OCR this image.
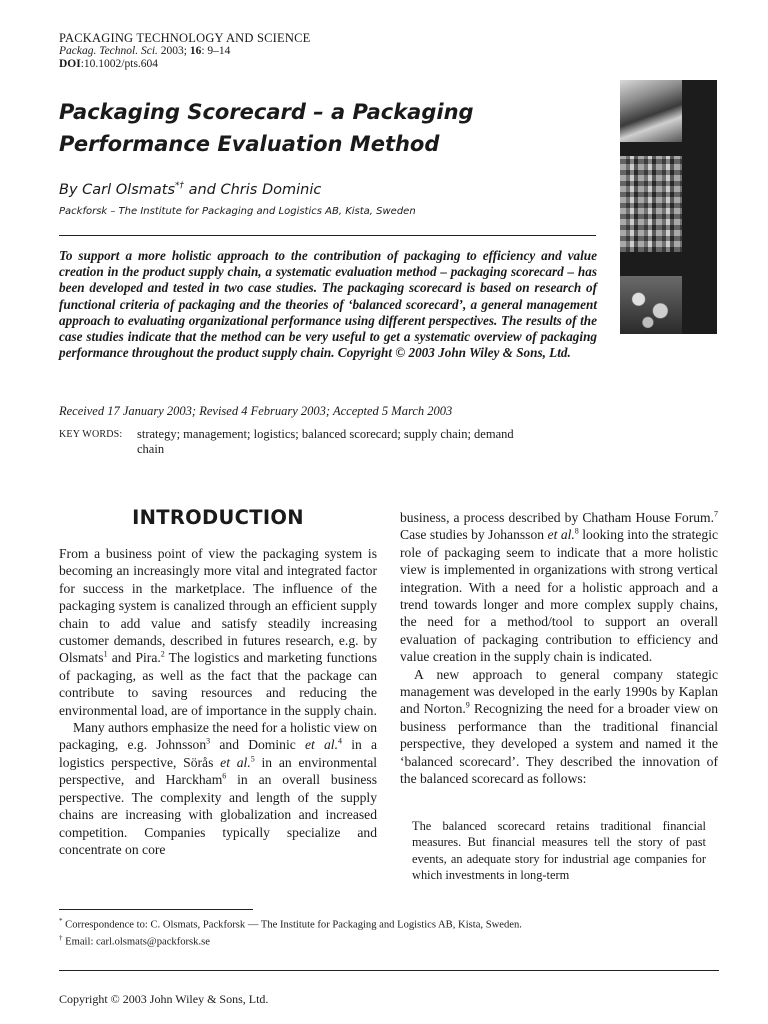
PACKAGING TECHNOLOGY AND SCIENCE
Packag. Technol. Sci. 2003; 16: 9–14
DOI:10.1002/pts.604
Packaging Scorecard – a Packaging Performance Evaluation Method
By Carl Olsmats*† and Chris Dominic
Packforsk – The Institute for Packaging and Logistics AB, Kista, Sweden
To support a more holistic approach to the contribution of packaging to efficiency and value creation in the product supply chain, a systematic evaluation method – packaging scorecard – has been developed and tested in two case studies. The packaging scorecard is based on research of functional criteria of packaging and the theories of ‘balanced scorecard’, a general management approach to evaluating organizational performance using different perspectives. The results of the case studies indicate that the method can be very useful to get a systematic overview of packaging performance throughout the product supply chain. Copyright © 2003 John Wiley & Sons, Ltd.
Received 17 January 2003; Revised 4 February 2003; Accepted 5 March 2003
KEY WORDS: strategy; management; logistics; balanced scorecard; supply chain; demand chain
INTRODUCTION

From a business point of view the packaging system is becoming an increasingly more vital and integrated factor for success in the marketplace. The influence of the packaging system is canalized through an efficient supply chain to add value and satisfy steadily increasing customer demands, described in futures research, e.g. by Olsmats$^1$ and Pira.$^2$ The logistics and marketing functions of packaging, as well as the fact that the package can contribute to saving resources and reducing the environmental load, are of importance in the supply chain.

Many authors emphasize the need for a holistic view on packaging, e.g. Johnsson$^3$ and Dominic et al.$^4$ in a logistics perspective, Sörås et al.$^5$ in an environmental perspective, and Harckham$^6$ in an overall business perspective. The complexity and length of the supply chains are increasing with globalization and increased competition. Companies typically specialize and concentrate on core

business, a process described by Chatham House Forum.$^7$ Case studies by Johansson et al.$^8$ looking into the strategic role of packaging seem to indicate that a more holistic view is implemented in organizations with strong vertical integration. With a need for a holistic approach and a trend towards longer and more complex supply chains, the need for a method/tool to support an overall evaluation of packaging contribution to efficiency and value creation in the supply chain is indicated.

A new approach to general company stategic management was developed in the early 1990s by Kaplan and Norton.$^9$ Recognizing the need for a broader view on business performance than the traditional financial perspective, they developed a system and named it the ‘balanced scorecard’. They described the innovation of the balanced scorecard as follows:

The balanced scorecard retains traditional financial measures. But financial measures tell the story of past events, an adequate story for industrial age companies for which investments in long-term
* Correspondence to: C. Olsmats, Packforsk — The Institute for Packaging and Logistics AB, Kista, Sweden.
† Email: carl.olsmats@packforsk.se
Copyright © 2003 John Wiley & Sons, Ltd.
